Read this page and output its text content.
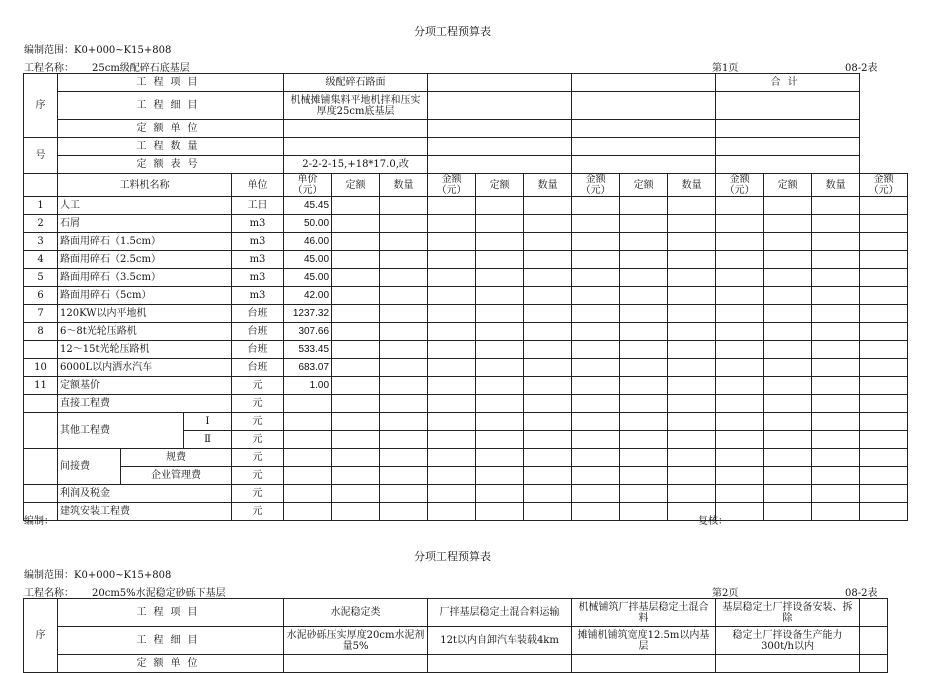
分项工程预算表
编制范围：K0+000~K15+808
工程名称： 25cm级配碎石底基层	第1页	08-2表
序	工程项目				级配碎石路面									合计			
	工程细目				机械摊铺集料平地机拌和压实厚度25cm底基层												
	定额单位																
号	工程数量																
	定额表号				2-2-2-15,+18*17.0,改												
	工料机名称			单位	单价（元）	定额	数量	金额（元）	定额	数量	金额（元）	定额	数量	金额（元）	定额	数量	金额（元）
1	人工			工日	45.45												
2	石屑			m3	50.00												
3	路面用碎石（1.5cm）			m3	46.00												
4	路面用碎石（2.5cm）			m3	45.00												
5	路面用碎石（3.5cm）			m3	45.00												
6	路面用碎石（5cm）			m3	42.00												
7	120KW以内平地机			台班	1237.32												
8	6～8t光轮压路机			台班	307.66												
	12～15t光轮压路机			台班	533.45												
10	6000L以内洒水汽车			台班	683.07												
11	定额基价			元	1.00												
	直接工程费			元													
	其他工程费		Ⅰ	元													
			Ⅱ	元													
	间接费	规费		元													
		企业管理费		元													
	利润及税金			元													
	建筑安装工程费			元													
编制：	复核：
分项工程预算表
编制范围：K0+000~K15+808
工程名称： 20cm5%水泥稳定砂砾下基层	第2页	08-2表
序	工程项目	水泥稳定类	厂拌基层稳定土混合料运输	机械铺筑厂拌基层稳定土混合料	基层稳定土厂拌设备安装、拆除	
	工程细目	水泥砂砾压实厚度20cm水泥剂量5%	12t以内自卸汽车装载4km	摊铺机铺筑宽度12.5m以内基层	稳定土厂拌设备生产能力300t/h以内	
	定额单位					
